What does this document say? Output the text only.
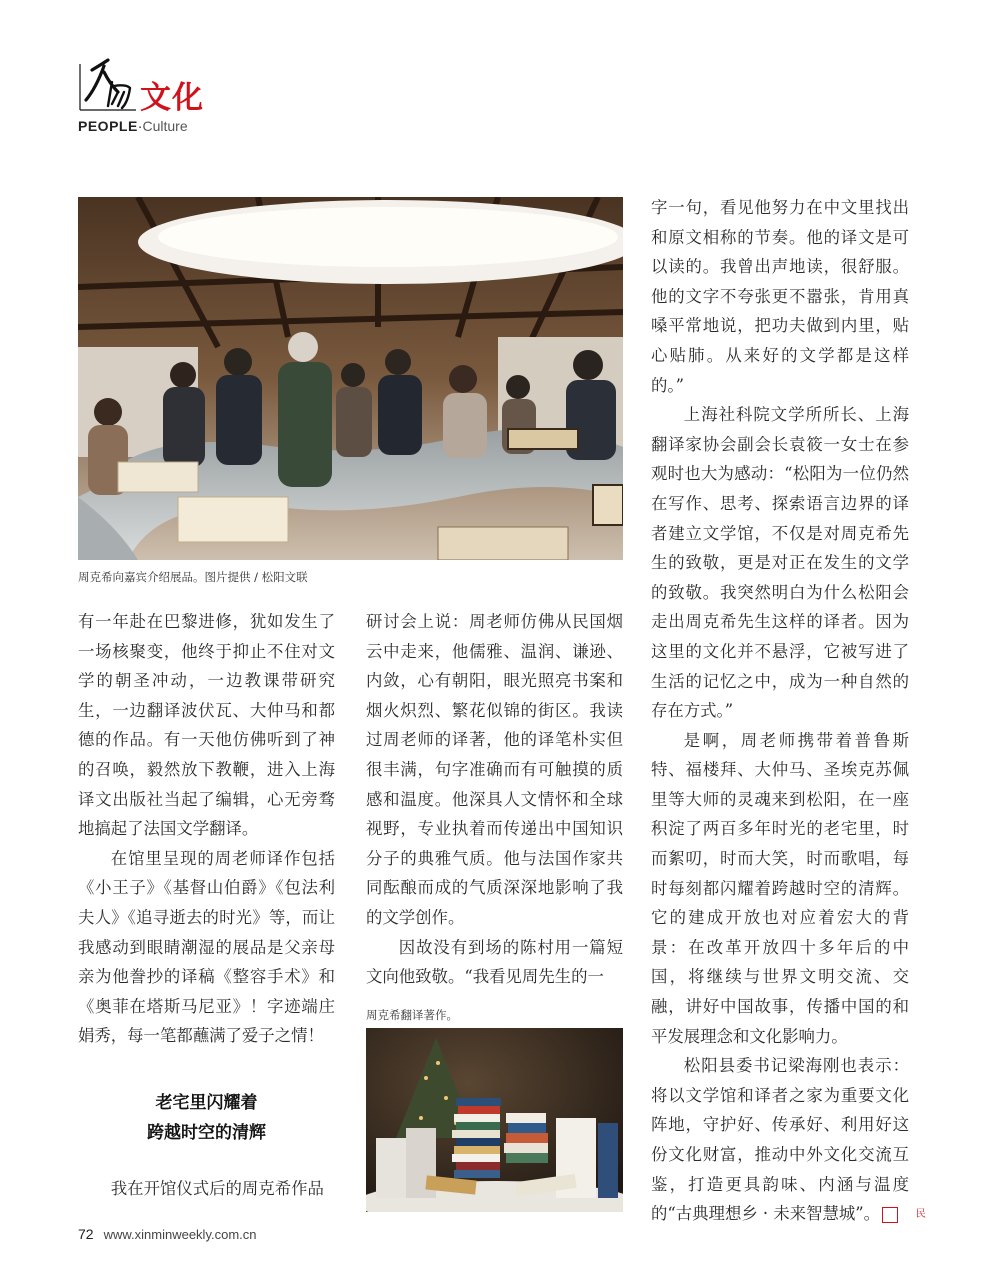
文化
PEOPLE·Culture
周克希向嘉宾介绍展品。图片提供 / 松阳文联

有一年赴在巴黎进修，犹如发生了一场核聚变，他终于抑止不住对文学的朝圣冲动，一边教课带研究生，一边翻译波伏瓦、大仲马和都德的作品。有一天他仿佛听到了神的召唤，毅然放下教鞭，进入上海译文出版社当起了编辑，心无旁骛地搞起了法国文学翻译。

在馆里呈现的周老师译作包括《小王子》《基督山伯爵》《包法利夫人》《追寻逝去的时光》等，而让我感动到眼睛潮湿的展品是父亲母亲为他誊抄的译稿《整容手术》和《奥菲在塔斯马尼亚》！字迹端庄娟秀，每一笔都蘸满了爱子之情！

老宅里闪耀着
跨越时空的清辉

我在开馆仪式后的周克希作品

研讨会上说：周老师仿佛从民国烟云中走来，他儒雅、温润、谦逊、内敛，心有朝阳，眼光照亮书案和烟火炽烈、繁花似锦的街区。我读过周老师的译著，他的译笔朴实但很丰满，句字准确而有可触摸的质感和温度。他深具人文情怀和全球视野，专业执着而传递出中国知识分子的典雅气质。他与法国作家共同酝酿而成的气质深深地影响了我的文学创作。

因故没有到场的陈村用一篇短文向他致敬。“我看见周先生的一

周克希翻译著作。

字一句，看见他努力在中文里找出和原文相称的节奏。他的译文是可以读的。我曾出声地读，很舒服。他的文字不夸张更不嚣张，肯用真嗓平常地说，把功夫做到内里，贴心贴肺。从来好的文学都是这样的。”

上海社科院文学所所长、上海翻译家协会副会长袁筱一女士在参观时也大为感动：“松阳为一位仍然在写作、思考、探索语言边界的译者建立文学馆，不仅是对周克希先生的致敬，更是对正在发生的文学的致敬。我突然明白为什么松阳会走出周克希先生这样的译者。因为这里的文化并不悬浮，它被写进了生活的记忆之中，成为一种自然的存在方式。”

是啊，周老师携带着普鲁斯特、福楼拜、大仲马、圣埃克苏佩里等大师的灵魂来到松阳，在一座积淀了两百多年时光的老宅里，时而絮叨，时而大笑，时而歌唱，每时每刻都闪耀着跨越时空的清辉。它的建成开放也对应着宏大的背景：在改革开放四十多年后的中国，将继续与世界文明交流、交融，讲好中国故事，传播中国的和平发展理念和文化影响力。

松阳县委书记梁海刚也表示：将以文学馆和译者之家为重要文化阵地，守护好、传承好、利用好这份文化财富，推动中外文化交流互鉴，打造更具韵味、内涵与温度的“古典理想乡 · 未来智慧城”。	民

72 www.xinminweekly.com.cn
